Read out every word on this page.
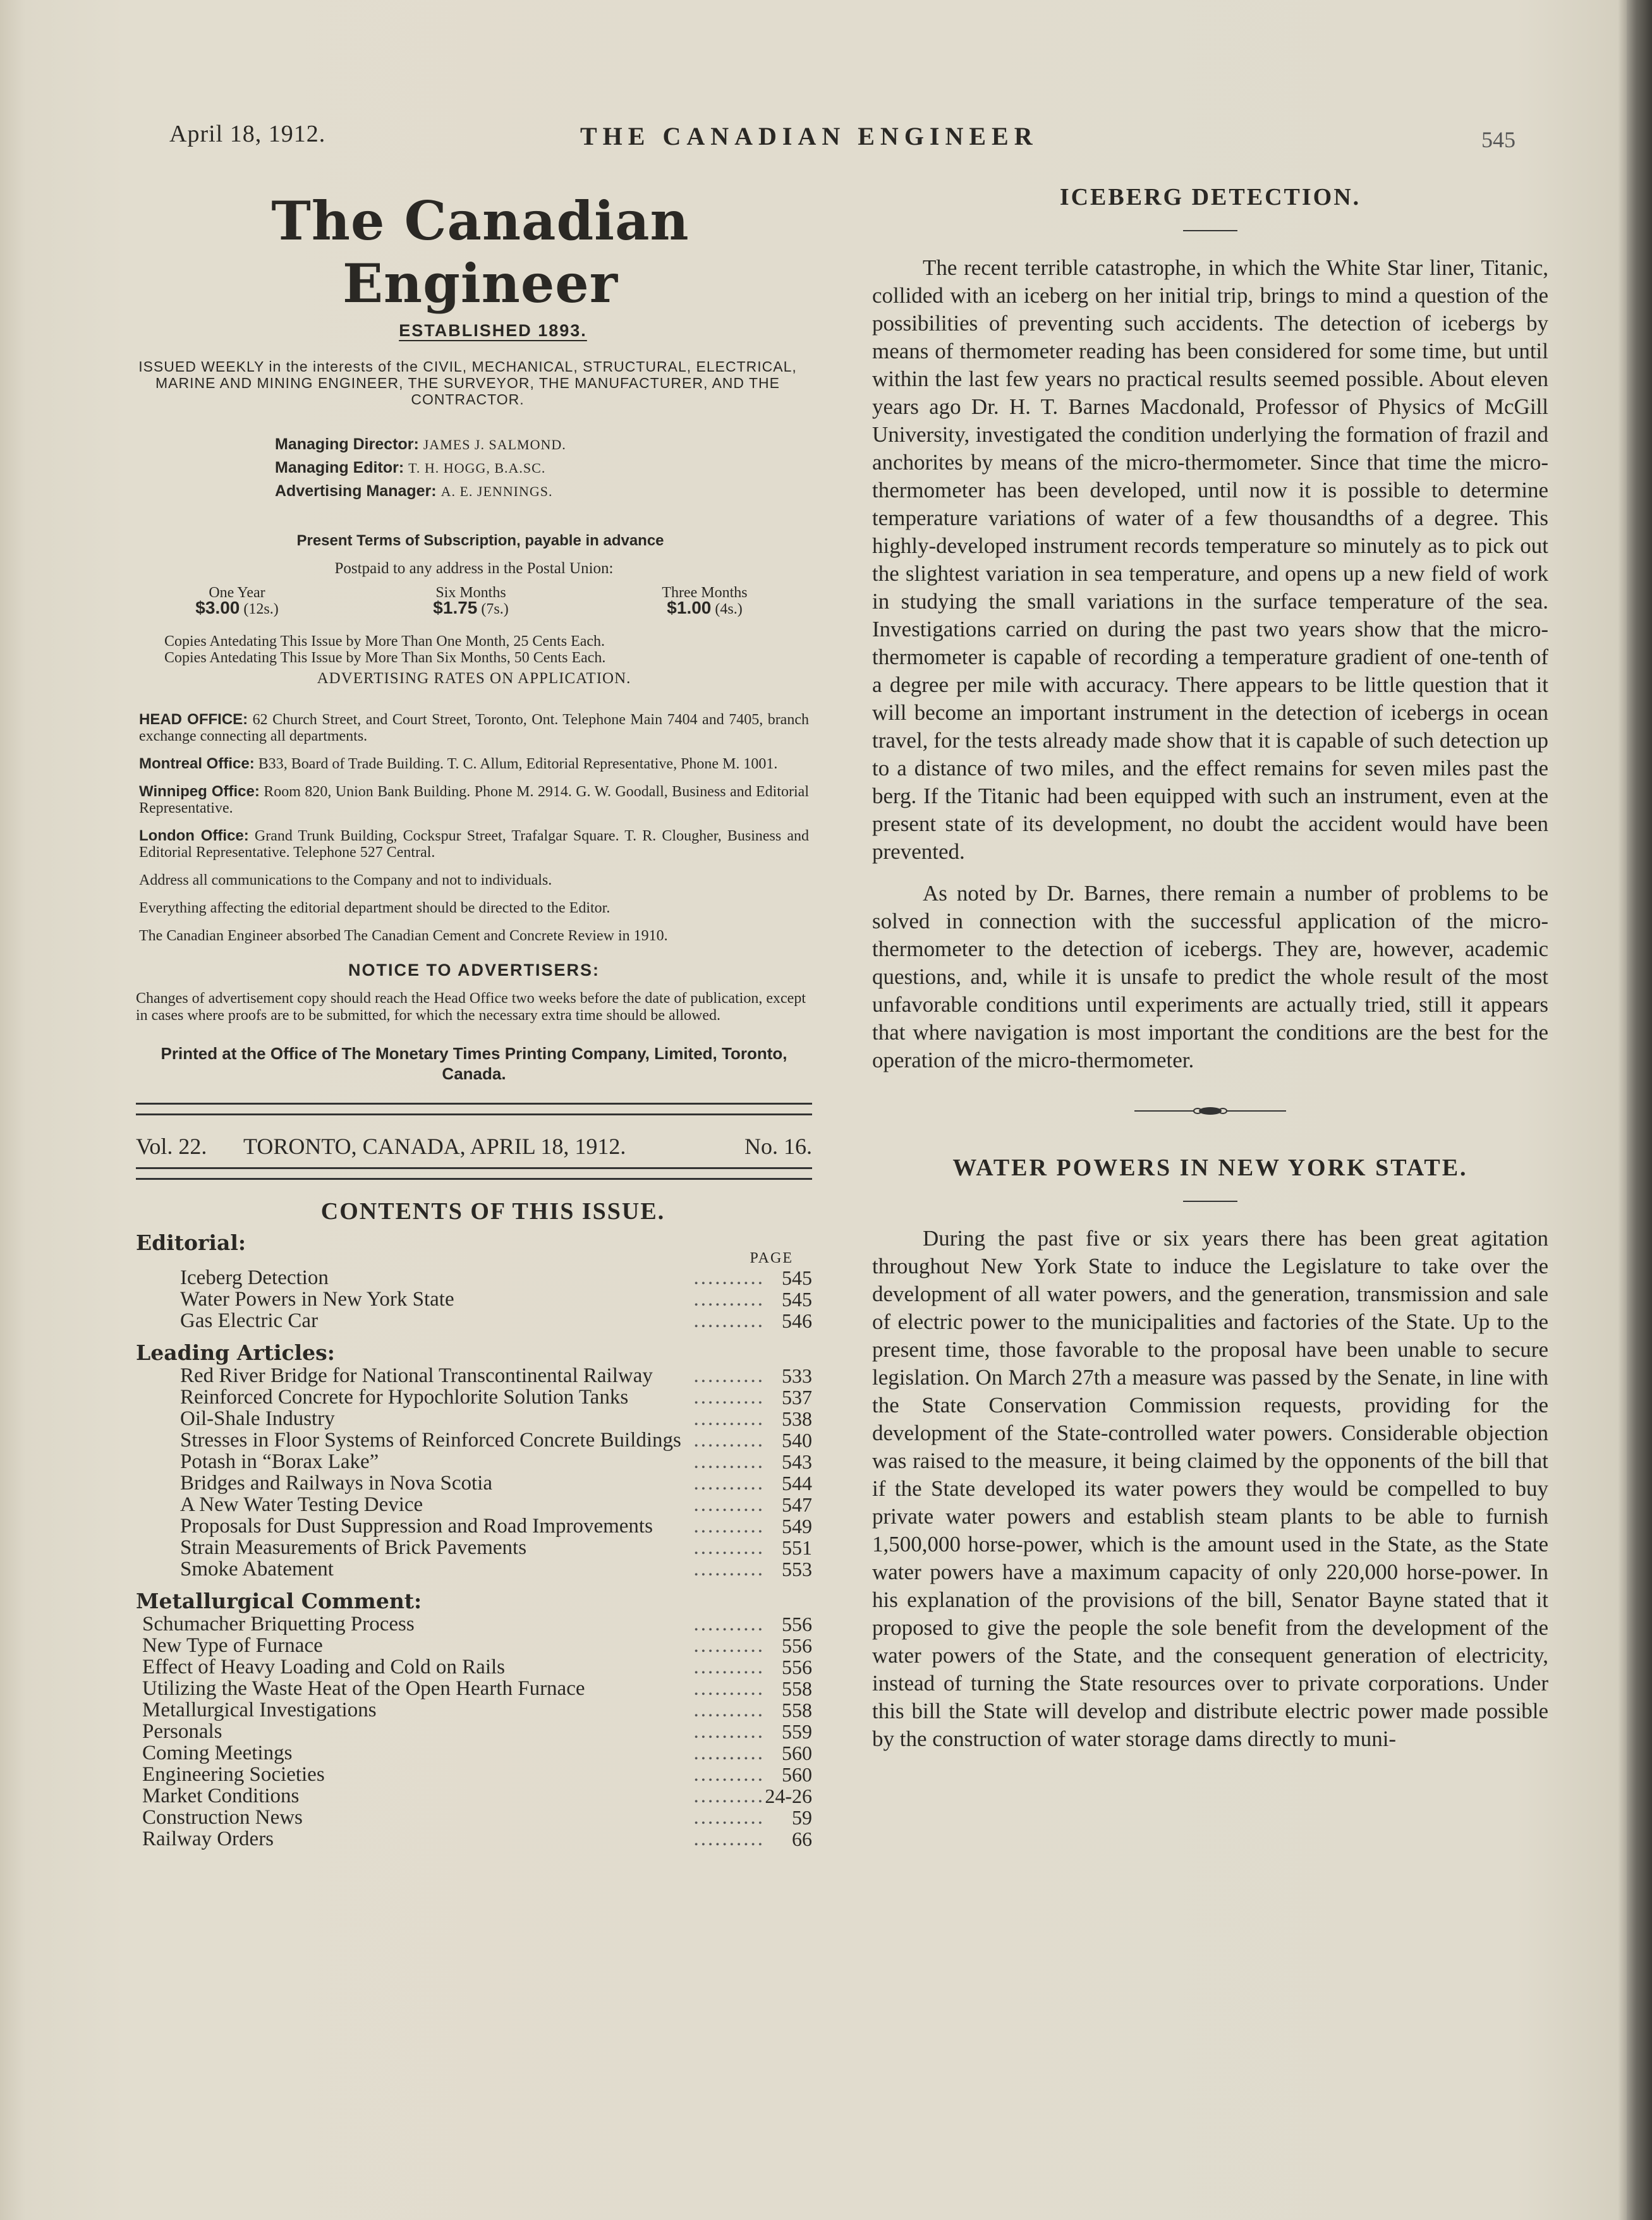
April 18, 1912.	THE CANADIAN ENGINEER	545
The Canadian Engineer
ESTABLISHED 1893.
ISSUED WEEKLY in the interests of the CIVIL, MECHANICAL, STRUCTURAL, ELECTRICAL, MARINE AND MINING ENGINEER, THE SURVEYOR, THE MANUFACTURER, AND THE CONTRACTOR.
Managing Director: JAMES J. SALMOND.
Managing Editor: T. H. HOGG, B.A.SC.
Advertising Manager: A. E. JENNINGS.
Present Terms of Subscription, payable in advance
Postpaid to any address in the Postal Union:
One Year
$3.00 (12s.)
Six Months
$1.75 (7s.)
Three Months
$1.00 (4s.)
Copies Antedating This Issue by More Than One Month, 25 Cents Each.
Copies Antedating This Issue by More Than Six Months, 50 Cents Each.
ADVERTISING RATES ON APPLICATION.

HEAD OFFICE: 62 Church Street, and Court Street, Toronto, Ont. Telephone Main 7404 and 7405, branch exchange connecting all departments.

Montreal Office: B33, Board of Trade Building. T. C. Allum, Editorial Representative, Phone M. 1001.

Winnipeg Office: Room 820, Union Bank Building. Phone M. 2914. G. W. Goodall, Business and Editorial Representative.

London Office: Grand Trunk Building, Cockspur Street, Trafalgar Square. T. R. Clougher, Business and Editorial Representative. Telephone 527 Central.

Address all communications to the Company and not to individuals.

Everything affecting the editorial department should be directed to the Editor.

The Canadian Engineer absorbed The Canadian Cement and Concrete Review in 1910.

NOTICE TO ADVERTISERS:
Changes of advertisement copy should reach the Head Office two weeks before the date of publication, except in cases where proofs are to be submitted, for which the necessary extra time should be allowed.
Printed at the Office of The Monetary Times Printing Company, Limited, Toronto, Canada.
Vol. 22. TORONTO, CANADA, APRIL 18, 1912.	No. 16.
CONTENTS OF THIS ISSUE.
Editorial:
PAGE
Iceberg Detection	.......... 545
Water Powers in New York State	.......... 545
Gas Electric Car	.......... 546
Leading Articles:
Red River Bridge for National Transcontinental Railway	.......... 533
Reinforced Concrete for Hypochlorite Solution Tanks	.......... 537
Oil-Shale Industry	.......... 538
Stresses in Floor Systems of Reinforced Concrete Buildings .......... 540
Potash in “Borax Lake”	.......... 543
Bridges and Railways in Nova Scotia	.......... 544
A New Water Testing Device	.......... 547
Proposals for Dust Suppression and Road Improvements	.......... 549
Strain Measurements of Brick Pavements	.......... 551
Smoke Abatement	.......... 553
Metallurgical Comment:
Schumacher Briquetting Process	.......... 556
New Type of Furnace	.......... 556
Effect of Heavy Loading and Cold on Rails	.......... 556
Utilizing the Waste Heat of the Open Hearth Furnace	.......... 558
Metallurgical Investigations	.......... 558
Personals	.......... 559
Coming Meetings	.......... 560
Engineering Societies	.......... 560
Market Conditions	.......... 24-26
Construction News	.......... 59
Railway Orders	.......... 66
ICEBERG DETECTION.

The recent terrible catastrophe, in which the White Star liner, Titanic, collided with an iceberg on her initial trip, brings to mind a question of the possibilities of preventing such accidents. The detection of icebergs by means of thermometer reading has been considered for some time, but until within the last few years no practical results seemed possible. About eleven years ago Dr. H. T. Barnes Macdonald, Professor of Physics of McGill University, investigated the condition underlying the formation of frazil and anchorites by means of the micro-thermometer. Since that time the micro-thermometer has been developed, until now it is possible to determine temperature variations of water of a few thousandths of a degree. This highly-developed instrument records temperature so minutely as to pick out the slightest variation in sea temperature, and opens up a new field of work in studying the small variations in the surface temperature of the sea. Investigations carried on during the past two years show that the micro-thermometer is capable of recording a temperature gradient of one-tenth of a degree per mile with accuracy. There appears to be little question that it will become an important instrument in the detection of icebergs in ocean travel, for the tests already made show that it is capable of such detection up to a distance of two miles, and the effect remains for seven miles past the berg. If the Titanic had been equipped with such an instrument, even at the present state of its development, no doubt the accident would have been prevented.

As noted by Dr. Barnes, there remain a number of problems to be solved in connection with the successful application of the micro-thermometer to the detection of icebergs. They are, however, academic questions, and, while it is unsafe to predict the whole result of the most unfavorable conditions until experiments are actually tried, still it appears that where navigation is most important the conditions are the best for the operation of the micro-thermometer.

WATER POWERS IN NEW YORK STATE.

During the past five or six years there has been great agitation throughout New York State to induce the Legislature to take over the development of all water powers, and the generation, transmission and sale of electric power to the municipalities and factories of the State. Up to the present time, those favorable to the proposal have been unable to secure legislation. On March 27th a measure was passed by the Senate, in line with the State Conservation Commission requests, providing for the development of the State-controlled water powers. Considerable objection was raised to the measure, it being claimed by the opponents of the bill that if the State developed its water powers they would be compelled to buy private water powers and establish steam plants to be able to furnish 1,500,000 horse-power, which is the amount used in the State, as the State water powers have a maximum capacity of only 220,000 horse-power. In his explanation of the provisions of the bill, Senator Bayne stated that it proposed to give the people the sole benefit from the development of the water powers of the State, and the consequent generation of electricity, instead of turning the State resources over to private corporations. Under this bill the State will develop and distribute electric power made possible by the construction of water storage dams directly to muni-
